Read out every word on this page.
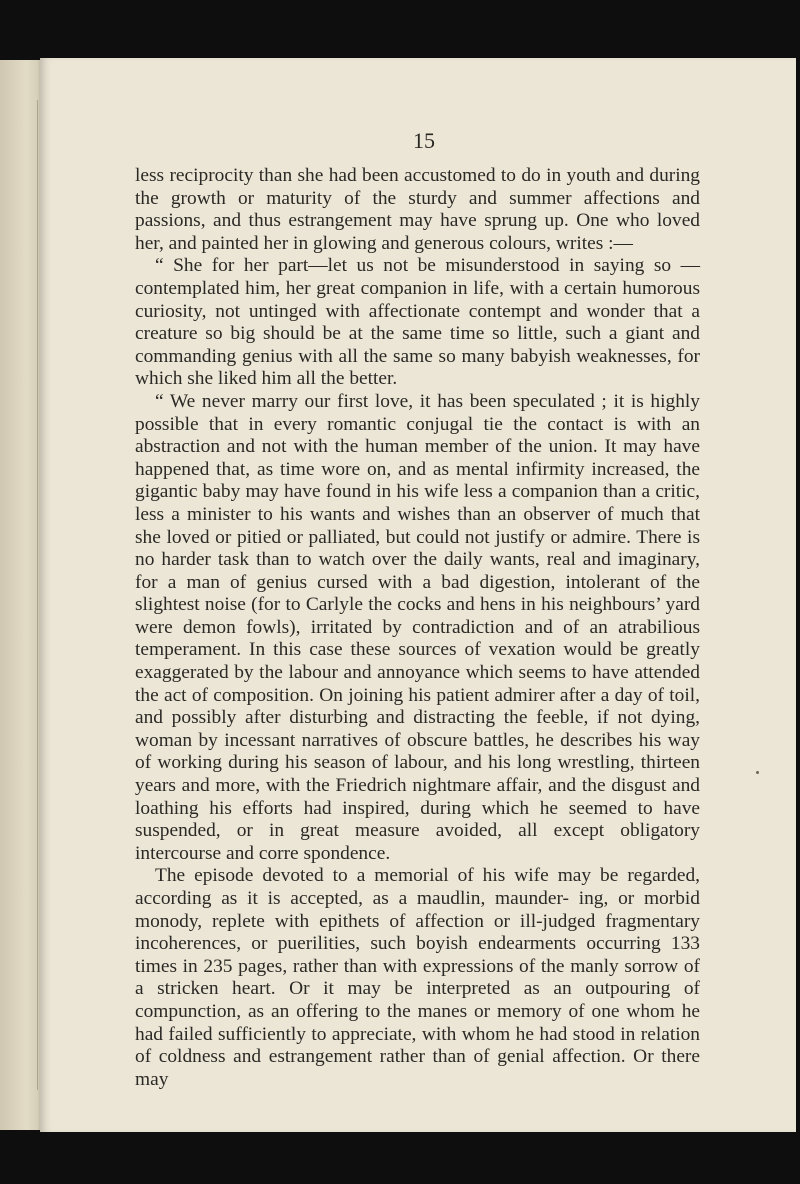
15

less reciprocity than she had been accustomed to do in youth and during the growth or maturity of the sturdy and summer affections and passions, and thus estrangement may have sprung up. One who loved her, and painted her in glowing and generous colours, writes :—

“ She for her part—let us not be misunderstood in saying so —contemplated him, her great companion in life, with a certain humorous curiosity, not untinged with affectionate contempt and wonder that a creature so big should be at the same time so little, such a giant and commanding genius with all the same so many babyish weaknesses, for which she liked him all the better.

“ We never marry our first love, it has been speculated ; it is highly possible that in every romantic conjugal tie the contact is with an abstraction and not with the human member of the union. It may have happened that, as time wore on, and as mental infirmity increased, the gigantic baby may have found in his wife less a companion than a critic, less a minister to his wants and wishes than an observer of much that she loved or pitied or palliated, but could not justify or admire. There is no harder task than to watch over the daily wants, real and imaginary, for a man of genius cursed with a bad digestion, intolerant of the slightest noise (for to Carlyle the cocks and hens in his neighbours’ yard were demon fowls), irritated by contradiction and of an atrabilious temperament. In this case these sources of vexation would be greatly exaggerated by the labour and annoyance which seems to have attended the act of composition. On joining his patient admirer after a day of toil, and possibly after disturbing and distracting the feeble, if not dying, woman by incessant narratives of obscure battles, he describes his way of working during his season of labour, and his long wrestling, thirteen years and more, with the Friedrich nightmare affair, and the disgust and loathing his efforts had inspired, during which he seemed to have suspended, or in great measure avoided, all except obligatory intercourse and corre spondence.

The episode devoted to a memorial of his wife may be regarded, according as it is accepted, as a maudlin, maunder- ing, or morbid monody, replete with epithets of affection or ill-judged fragmentary incoherences, or puerilities, such boyish endearments occurring 133 times in 235 pages, rather than with expressions of the manly sorrow of a stricken heart. Or it may be interpreted as an outpouring of compunction, as an offering to the manes or memory of one whom he had failed sufficiently to appreciate, with whom he had stood in relation of coldness and estrangement rather than of genial affection. Or there may
